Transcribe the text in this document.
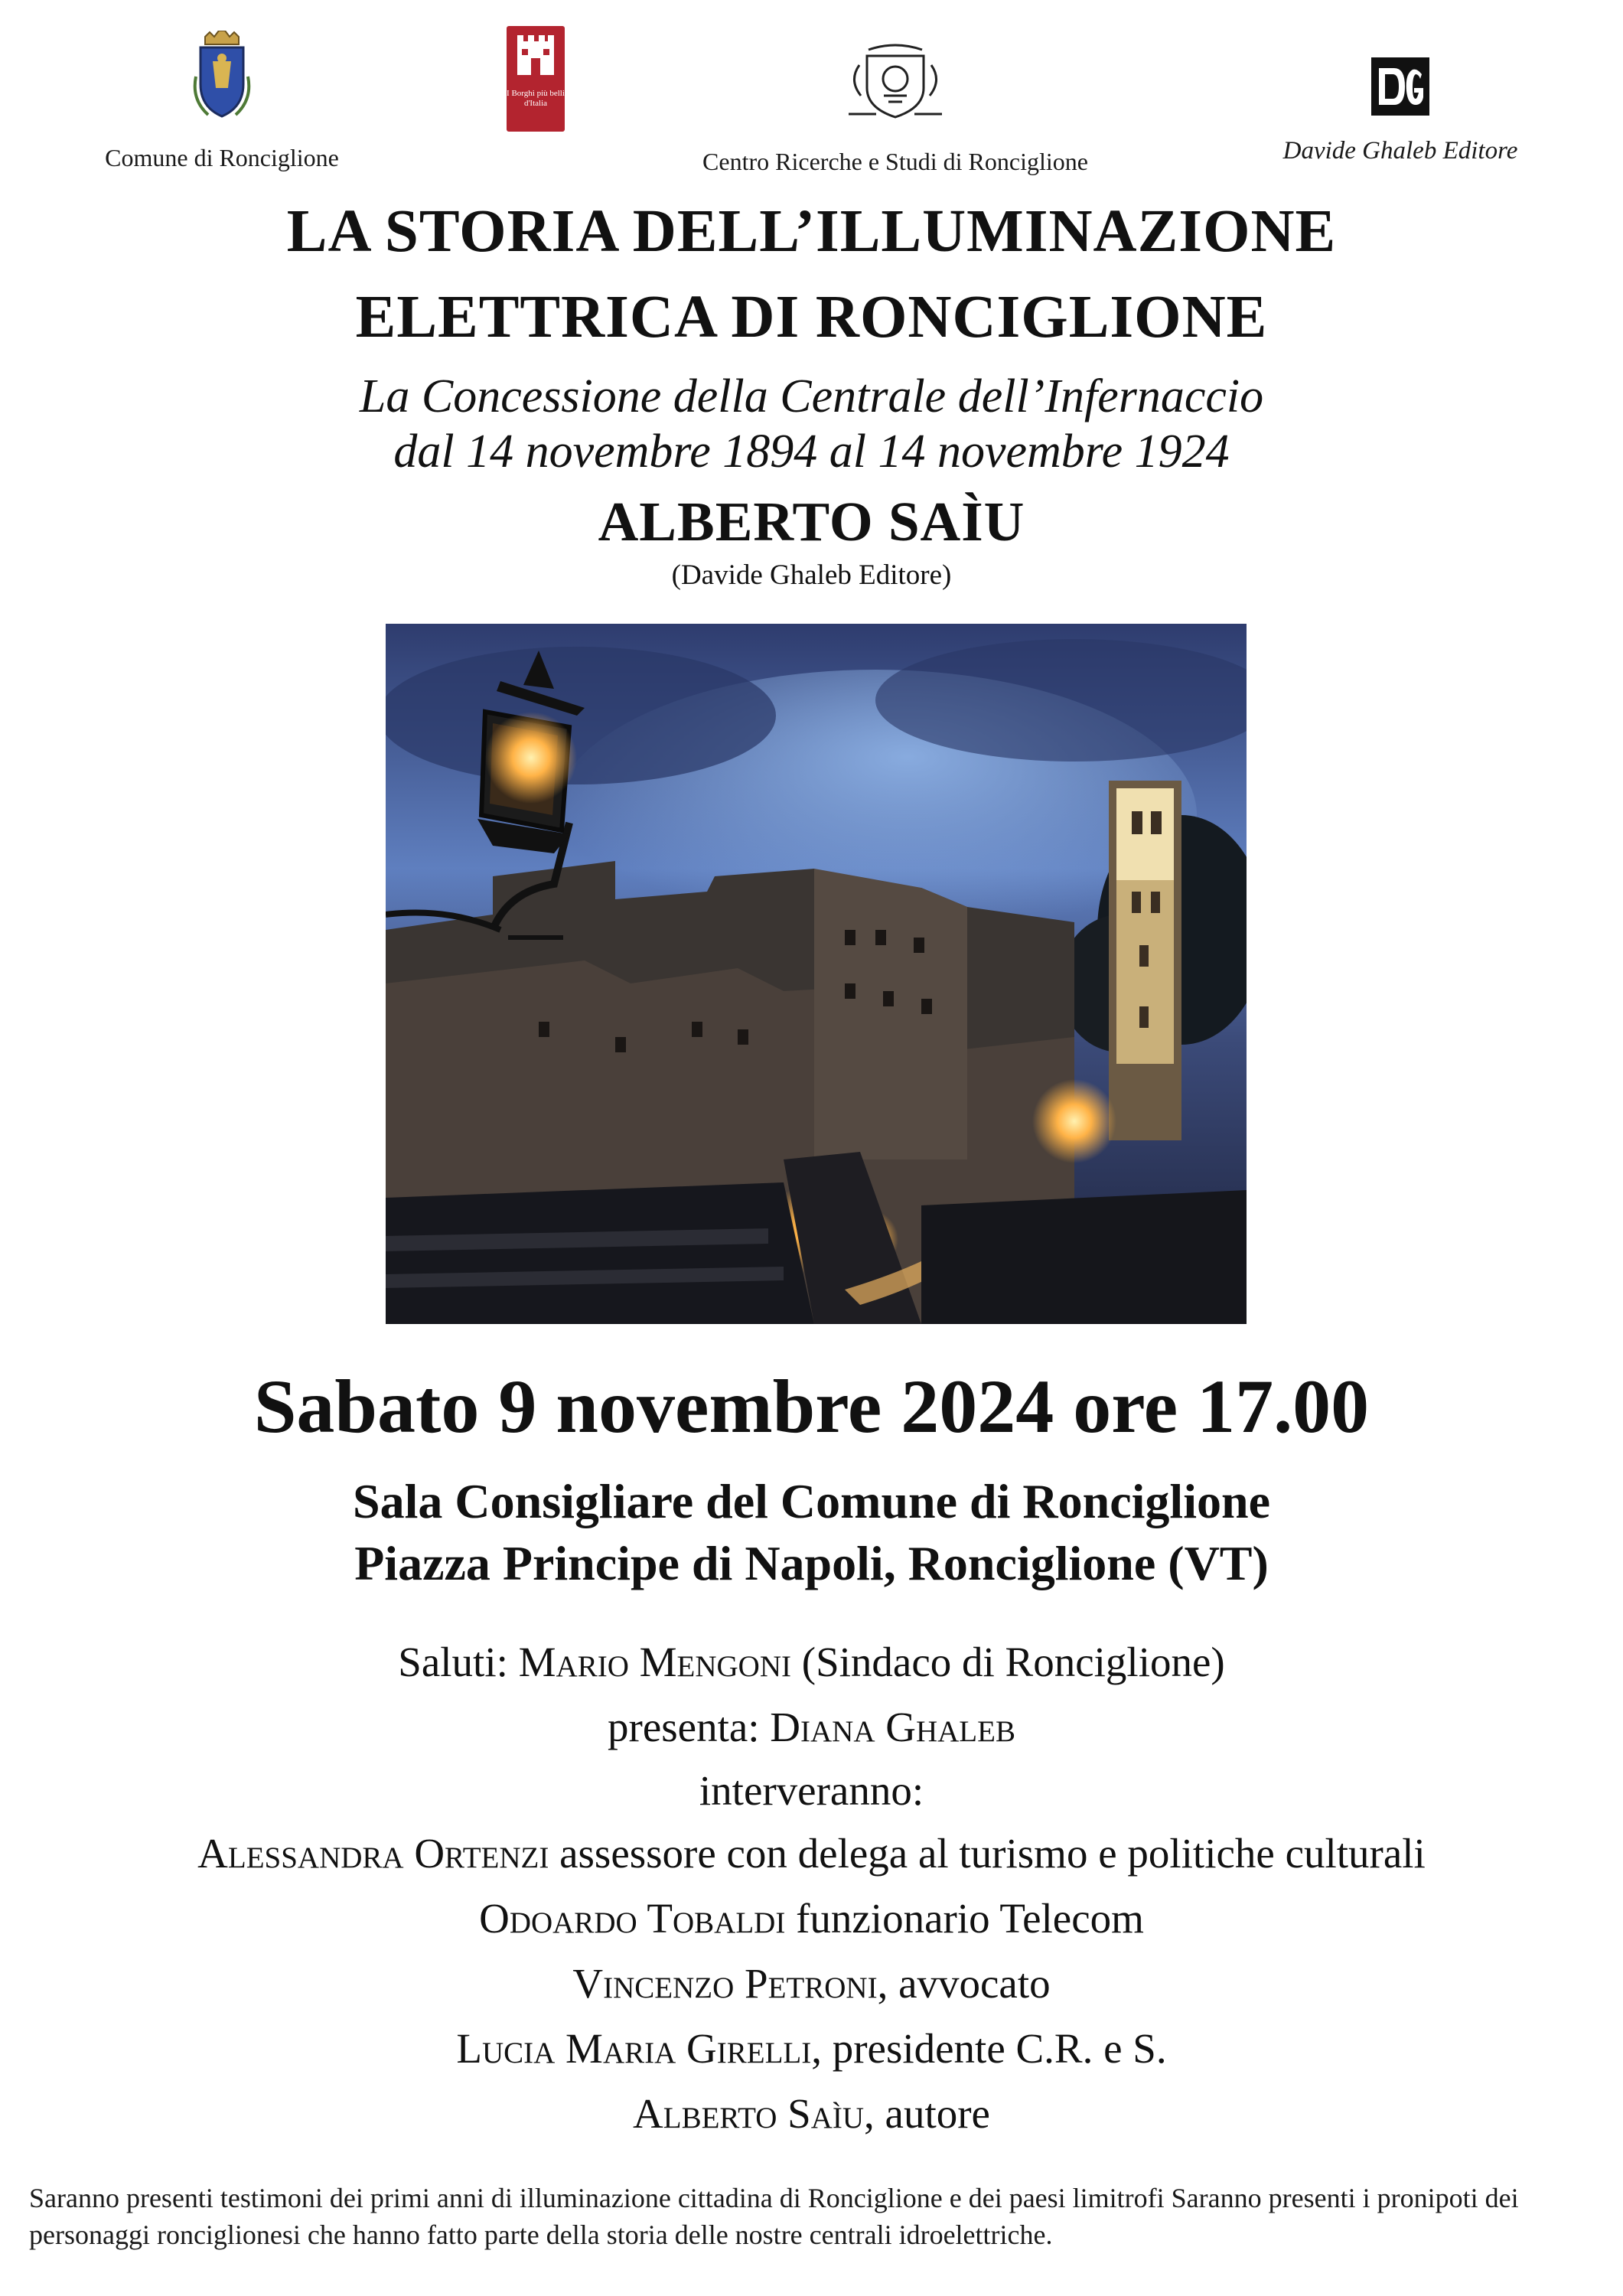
Comune di Ronciglione
I Borghi più belli d'Italia
Centro Ricerche e Studi di Ronciglione	Davide Ghaleb Editore
LA STORIA DELL’ILLUMINAZIONE
ELETTRICA DI RONCIGLIONE
La Concessione della Centrale dell’Infernaccio
dal 14 novembre 1894 al 14 novembre 1924
ALBERTO SAÌU
(Davide Ghaleb Editore)
Sabato 9 novembre 2024 ore 17.00
Sala Consigliare del Comune di Ronciglione
Piazza Principe di Napoli, Ronciglione (VT)
Saluti: Mario Mengoni (Sindaco di Ronciglione)
presenta: Diana Ghaleb
interveranno:
Alessandra Ortenzi assessore con delega al turismo e politiche culturali
Odoardo Tobaldi funzionario Telecom
Vincenzo Petroni, avvocato
Lucia Maria Girelli, presidente C.R. e S.
Alberto Saìu, autore
Saranno presenti testimoni dei primi anni di illuminazione cittadina di Ronciglione e dei paesi limitrofi Saranno presenti i pronipoti dei personaggi ronciglionesi che hanno fatto parte della storia delle nostre centrali idroelettriche.
